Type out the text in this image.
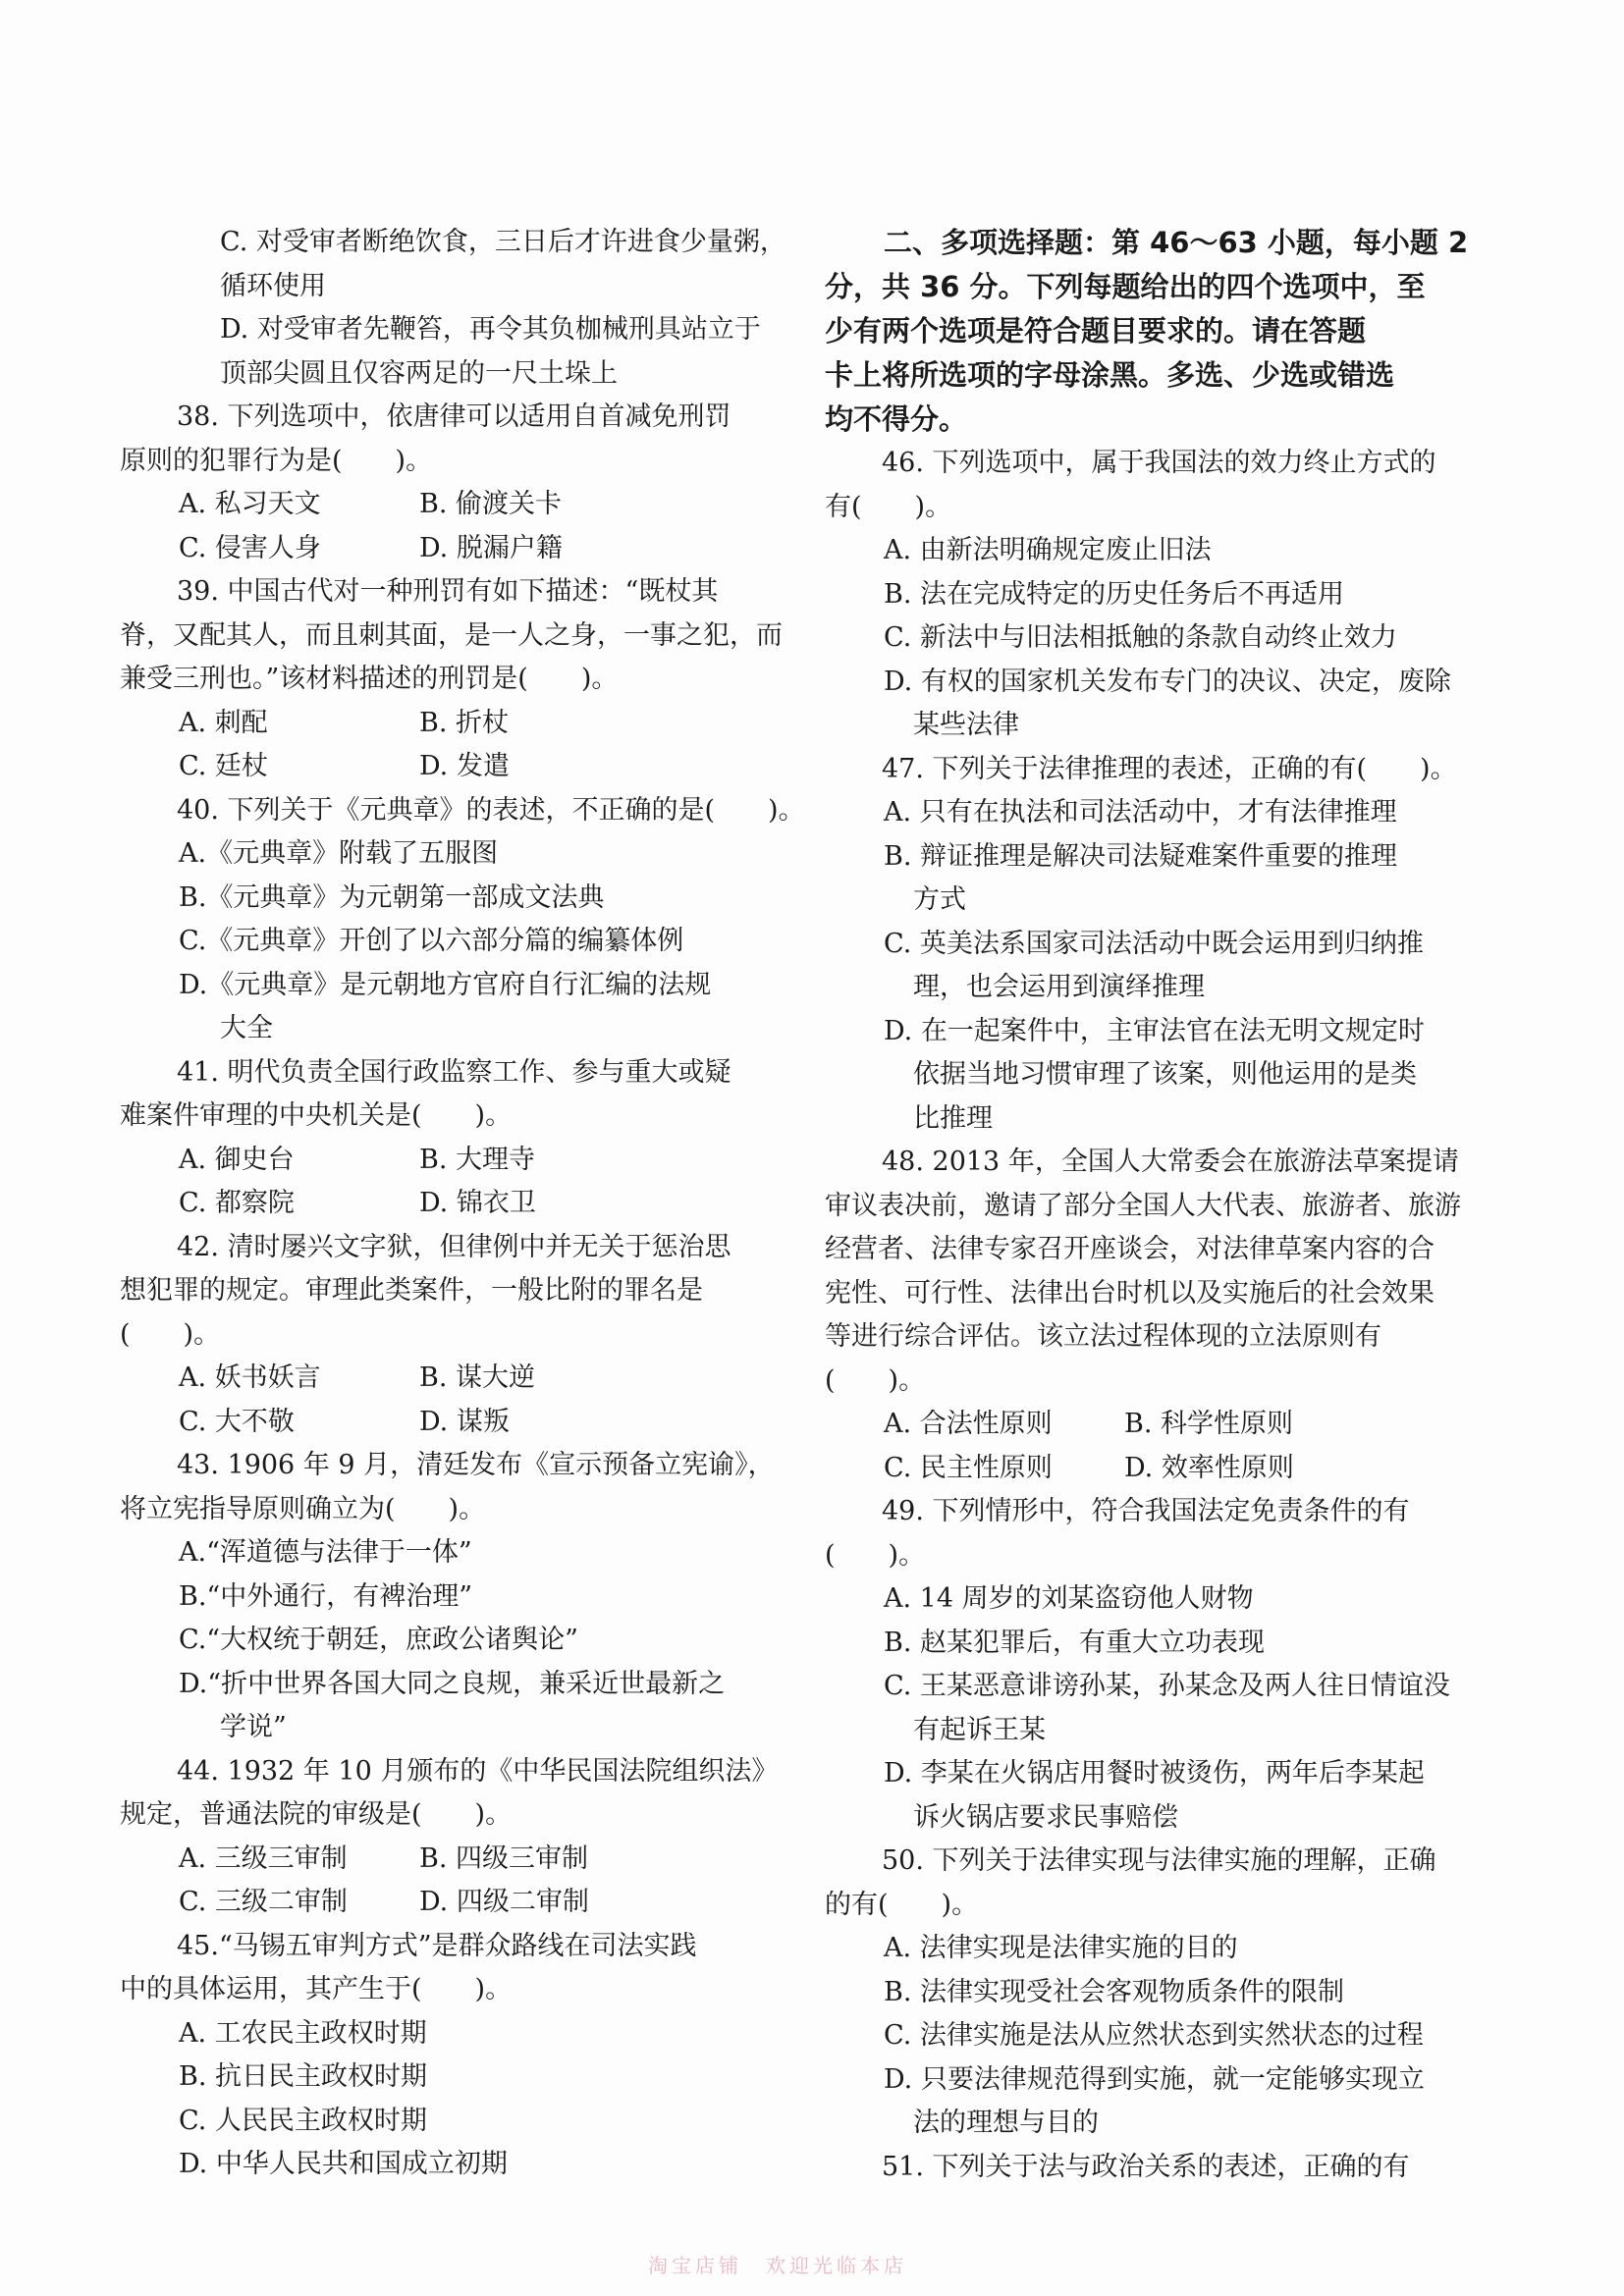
C. 对受审者断绝饮食，三日后才许进食少量粥，
循环使用
D. 对受审者先鞭笞，再令其负枷械刑具站立于
顶部尖圆且仅容两足的一尺土垛上
38. 下列选项中，依唐律可以适用自首减免刑罚
原则的犯罪行为是(　　)。
A. 私习天文	B. 偷渡关卡
C. 侵害人身	D. 脱漏户籍
39. 中国古代对一种刑罚有如下描述：“既杖其
脊，又配其人，而且刺其面，是一人之身，一事之犯，而
兼受三刑也。”该材料描述的刑罚是(　　)。
A. 刺配	B. 折杖
C. 廷杖	D. 发遣
40. 下列关于《元典章》的表述，不正确的是(　　)。
A.《元典章》附载了五服图
B.《元典章》为元朝第一部成文法典
C.《元典章》开创了以六部分篇的编纂体例
D.《元典章》是元朝地方官府自行汇编的法规
大全
41. 明代负责全国行政监察工作、参与重大或疑
难案件审理的中央机关是(　　)。
A. 御史台	B. 大理寺
C. 都察院	D. 锦衣卫
42. 清时屡兴文字狱，但律例中并无关于惩治思
想犯罪的规定。审理此类案件，一般比附的罪名是
(　　)。
A. 妖书妖言	B. 谋大逆
C. 大不敬	D. 谋叛
43. 1906 年 9 月，清廷发布《宣示预备立宪谕》，
将立宪指导原则确立为(　　)。
A.“浑道德与法律于一体”
B.“中外通行，有裨治理”
C.“大权统于朝廷，庶政公诸舆论”
D.“折中世界各国大同之良规，兼采近世最新之
学说”
44. 1932 年 10 月颁布的《中华民国法院组织法》
规定，普通法院的审级是(　　)。
A. 三级三审制	B. 四级三审制
C. 三级二审制	D. 四级二审制
45.“马锡五审判方式”是群众路线在司法实践
中的具体运用，其产生于(　　)。
A. 工农民主政权时期
B. 抗日民主政权时期
C. 人民民主政权时期
D. 中华人民共和国成立初期
二、多项选择题：第 46～63 小题，每小题 2
分，共 36 分。下列每题给出的四个选项中，至
少有两个选项是符合题目要求的。请在答题
卡上将所选项的字母涂黑。多选、少选或错选
均不得分。
46. 下列选项中，属于我国法的效力终止方式的
有(　　)。
A. 由新法明确规定废止旧法
B. 法在完成特定的历史任务后不再适用
C. 新法中与旧法相抵触的条款自动终止效力
D. 有权的国家机关发布专门的决议、决定，废除
某些法律
47. 下列关于法律推理的表述，正确的有(　　)。
A. 只有在执法和司法活动中，才有法律推理
B. 辩证推理是解决司法疑难案件重要的推理
方式
C. 英美法系国家司法活动中既会运用到归纳推
理，也会运用到演绎推理
D. 在一起案件中，主审法官在法无明文规定时
依据当地习惯审理了该案，则他运用的是类
比推理
48. 2013 年，全国人大常委会在旅游法草案提请
审议表决前，邀请了部分全国人大代表、旅游者、旅游
经营者、法律专家召开座谈会，对法律草案内容的合
宪性、可行性、法律出台时机以及实施后的社会效果
等进行综合评估。该立法过程体现的立法原则有
(　　)。
A. 合法性原则	B. 科学性原则
C. 民主性原则	D. 效率性原则
49. 下列情形中，符合我国法定免责条件的有
(　　)。
A. 14 周岁的刘某盗窃他人财物
B. 赵某犯罪后，有重大立功表现
C. 王某恶意诽谤孙某，孙某念及两人往日情谊没
有起诉王某
D. 李某在火锅店用餐时被烫伤，两年后李某起
诉火锅店要求民事赔偿
50. 下列关于法律实现与法律实施的理解，正确
的有(　　)。
A. 法律实现是法律实施的目的
B. 法律实现受社会客观物质条件的限制
C. 法律实施是法从应然状态到实然状态的过程
D. 只要法律规范得到实施，就一定能够实现立
法的理想与目的
51. 下列关于法与政治关系的表述，正确的有
淘宝店铺　欢迎光临本店
